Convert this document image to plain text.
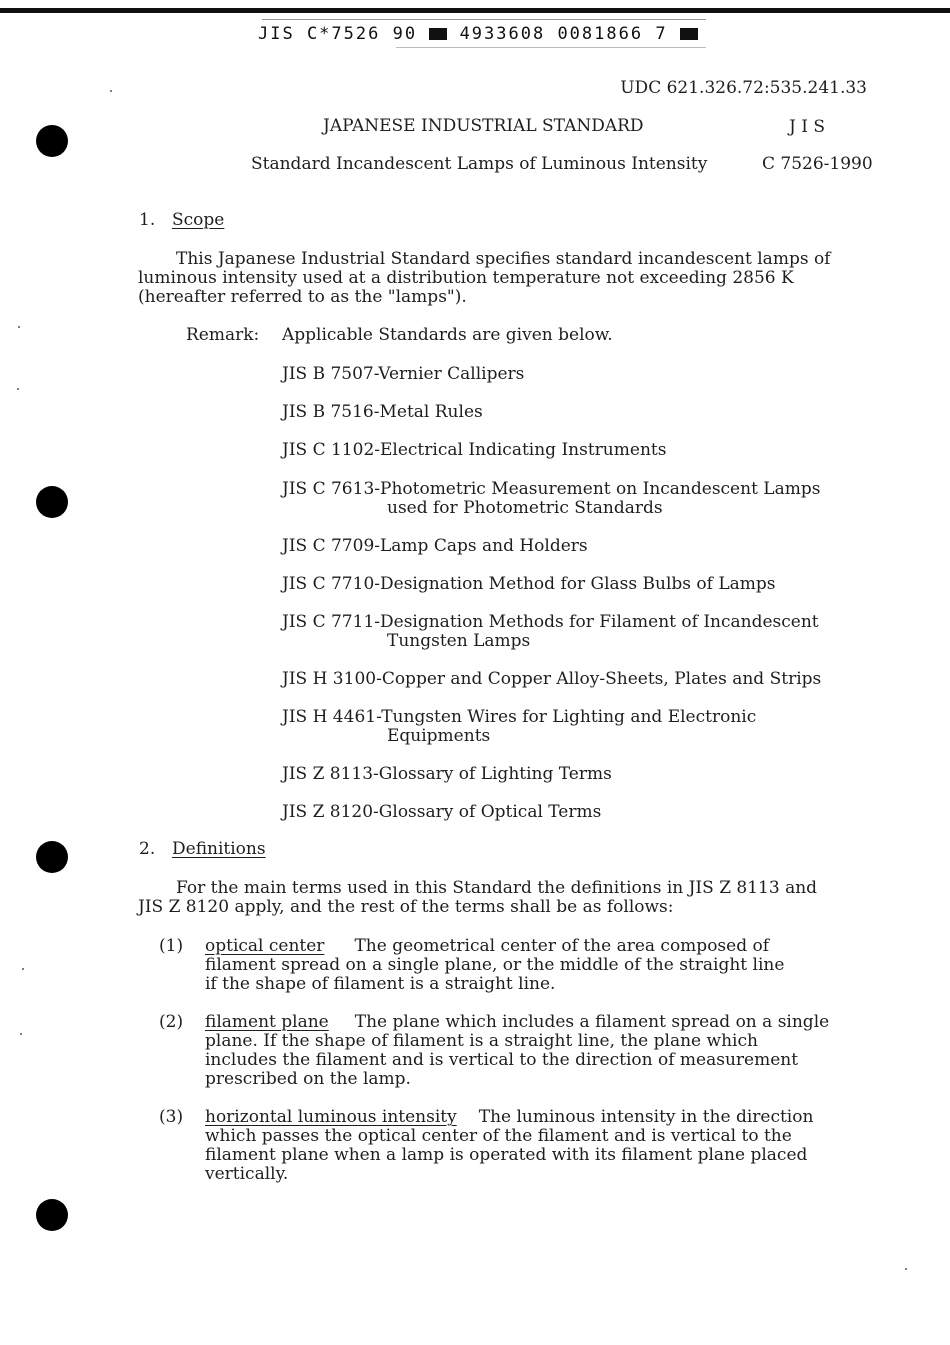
JIS C*7526 90	4933608 0081866 7
UDC 621.326.72:535.241.33
JAPANESE INDUSTRIAL STANDARD	J I S
Standard Incandescent Lamps of Luminous Intensity	C 7526-1990
1. Scope
This Japanese Industrial Standard specifies standard incandescent lamps of
luminous intensity used at a distribution temperature not exceeding 2856 K
(hereafter referred to as the "lamps").
Remark: Applicable Standards are given below.
JIS B 7507-Vernier Callipers
JIS B 7516-Metal Rules
JIS C 1102-Electrical Indicating Instruments
JIS C 7613-Photometric Measurement on Incandescent Lamps
used for Photometric Standards
JIS C 7709-Lamp Caps and Holders
JIS C 7710-Designation Method for Glass Bulbs of Lamps
JIS C 7711-Designation Methods for Filament of Incandescent
Tungsten Lamps
JIS H 3100-Copper and Copper Alloy-Sheets, Plates and Strips
JIS H 4461-Tungsten Wires for Lighting and Electronic
Equipments
JIS Z 8113-Glossary of Lighting Terms
JIS Z 8120-Glossary of Optical Terms
2. Definitions
For the main terms used in this Standard the definitions in JIS Z 8113 and
JIS Z 8120 apply, and the rest of the terms shall be as follows:
(1) optical center The geometrical center of the area composed of
filament spread on a single plane, or the middle of the straight line
if the shape of filament is a straight line.
(2) filament plane The plane which includes a filament spread on a single
plane. If the shape of filament is a straight line, the plane which
includes the filament and is vertical to the direction of measurement
prescribed on the lamp.
(3) horizontal luminous intensity The luminous intensity in the direction
which passes the optical center of the filament and is vertical to the
filament plane when a lamp is operated with its filament plane placed
vertically.
